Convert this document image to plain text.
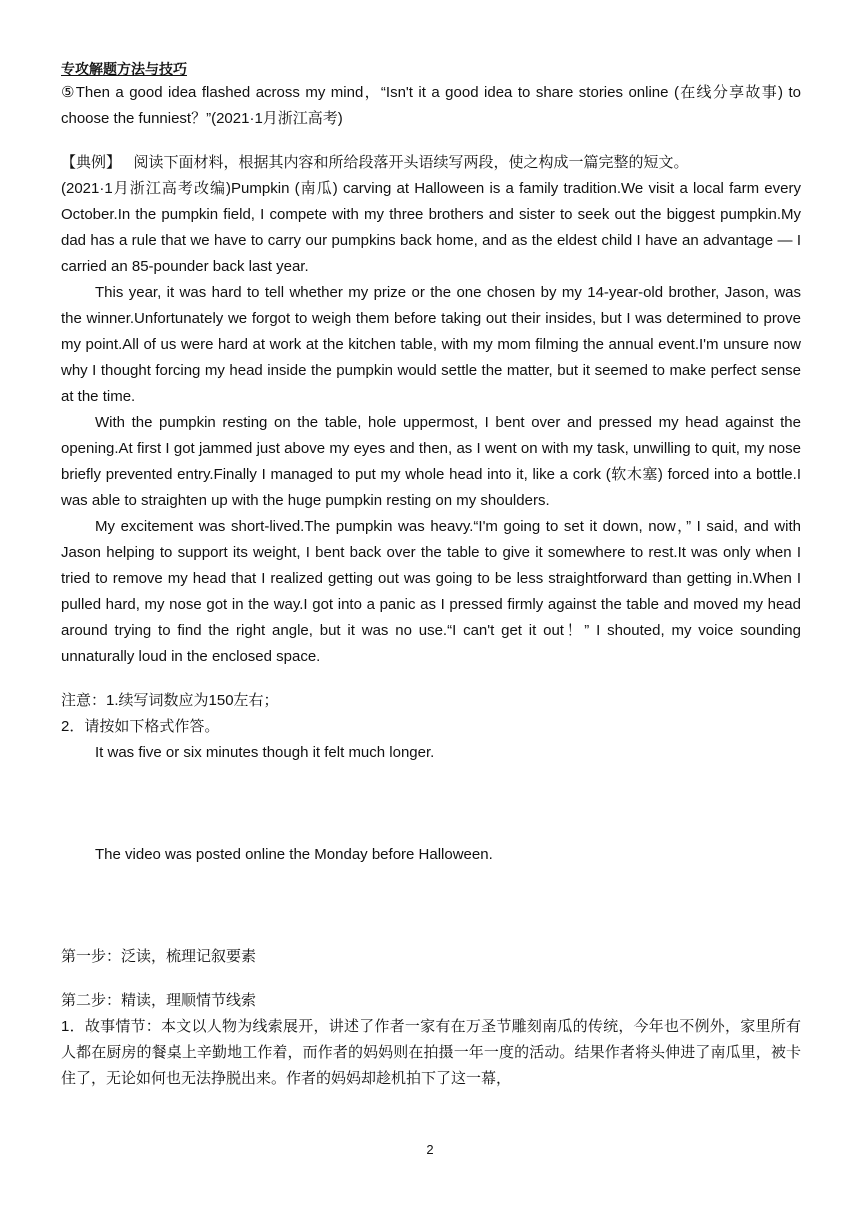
专攻解题方法与技巧

⑤Then a good idea flashed across my mind，“Isn't it a good idea to share stories online (在线分享故事) to choose the funniest？”(2021·1月浙江高考)

【典例】 阅读下面材料，根据其内容和所给段落开头语续写两段，使之构成一篇完整的短文。

(2021·1月浙江高考改编)Pumpkin (南瓜) carving at Halloween is a family tradition.We visit a local farm every October.In the pumpkin field, I compete with my three brothers and sister to seek out the biggest pumpkin.My dad has a rule that we have to carry our pumpkins back home, and as the eldest child I have an advantage — I carried an 85-pounder back last year.

This year, it was hard to tell whether my prize or the one chosen by my 14-year-old brother, Jason, was the winner.Unfortunately we forgot to weigh them before taking out their insides, but I was determined to prove my point.All of us were hard at work at the kitchen table, with my mom filming the annual event.I'm unsure now why I thought forcing my head inside the pumpkin would settle the matter, but it seemed to make perfect sense at the time.

With the pumpkin resting on the table, hole uppermost, I bent over and pressed my head against the opening.At first I got jammed just above my eyes and then, as I went on with my task, unwilling to quit, my nose briefly prevented entry.Finally I managed to put my whole head into it, like a cork (软木塞) forced into a bottle.I was able to straighten up with the huge pumpkin resting on my shoulders.

My excitement was short-lived.The pumpkin was heavy.“I'm going to set it down, now，” I said, and with Jason helping to support its weight, I bent back over the table to give it somewhere to rest.It was only when I tried to remove my head that I realized getting out was going to be less straightforward than getting in.When I pulled hard, my nose got in the way.I got into a panic as I pressed firmly against the table and moved my head around trying to find the right angle, but it was no use.“I can't get it out！” I shouted, my voice sounding unnaturally loud in the enclosed space.

注意：1.续写词数应为150左右；

2．请按如下格式作答。

It was five or six minutes though it felt much longer.

The video was posted online the Monday before Halloween.

第一步：泛读，梳理记叙要素

第二步：精读，理顺情节线索

1．故事情节：本文以人物为线索展开，讲述了作者一家有在万圣节雕刻南瓜的传统，今年也不例外，家里所有人都在厨房的餐桌上辛勤地工作着，而作者的妈妈则在拍摄一年一度的活动。结果作者将头伸进了南瓜里，被卡住了，无论如何也无法挣脱出来。作者的妈妈却趁机拍下了这一幕，

2
